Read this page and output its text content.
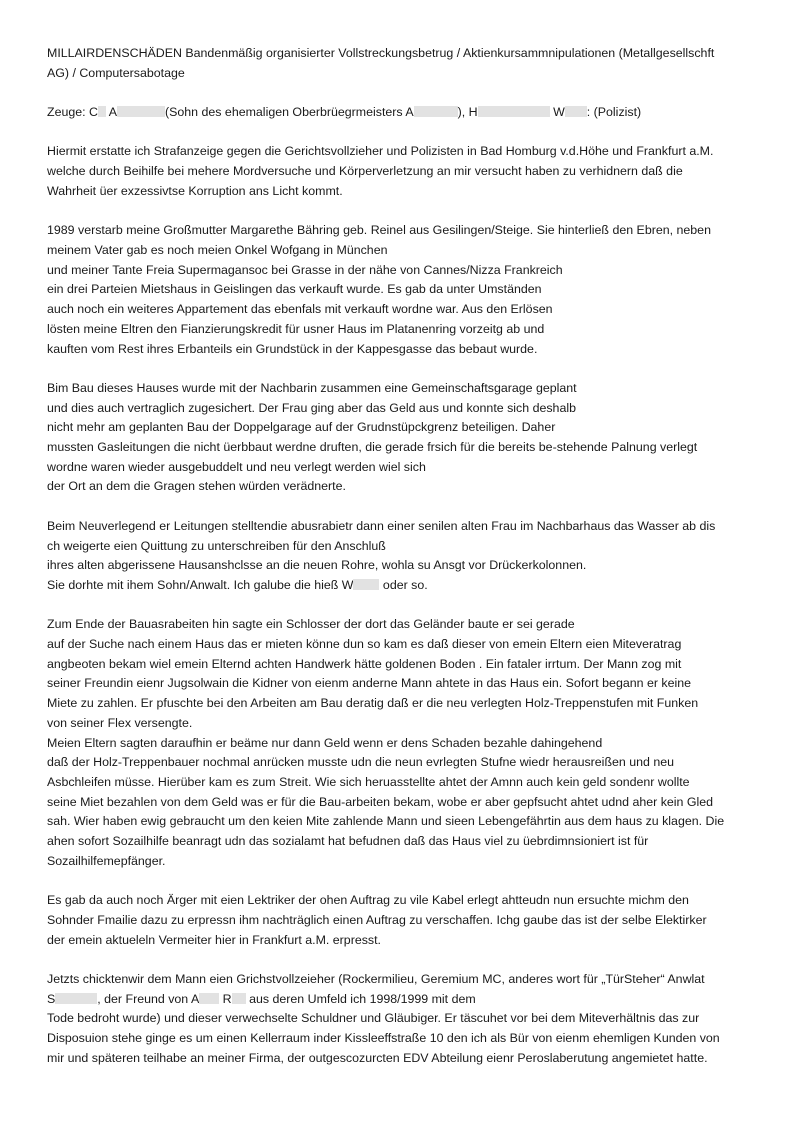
MILLAIRDENSCHÄDEN Bandenmäßig organisierter Vollstreckungsbetrug / Aktienkursammnipulationen (Metallgesellschft
AG) / Computersabotage
Zeuge: C A	(Sohn des ehemaligen Oberbrüegrmeisters A	), H	W : (Polizist)
Hiermit erstatte ich Strafanzeige gegen die Gerichtsvollzieher und Polizisten in Bad Homburg v.d.Höhe und Frankfurt a.M.
welche durch Beihilfe bei mehere Mordversuche und Körperverletzung an mir versucht haben zu verhidnern daß die
Wahrheit üer exzessivtse Korruption ans Licht kommt.
1989 verstarb meine Großmutter Margarethe Bähring geb. Reinel aus Gesilingen/Steige. Sie hinterließ den Ebren, neben
meinem Vater gab es noch meien Onkel Wofgang in München
und meiner Tante Freia Supermagansoc bei Grasse in der nähe von Cannes/Nizza Frankreich
ein drei Parteien Mietshaus in Geislingen das verkauft wurde. Es gab da unter Umständen
auch noch ein weiteres Appartement das ebenfals mit verkauft wordne war. Aus den Erlösen
lösten meine Eltren den Fianzierungskredit für usner Haus im Platanenring vorzeitg ab und
kauften vom Rest ihres Erbanteils ein Grundstück in der Kappesgasse das bebaut wurde.
Bim Bau dieses Hauses wurde mit der Nachbarin zusammen eine Gemeinschaftsgarage geplant
und dies auch vertraglich zugesichert. Der Frau ging aber das Geld aus und konnte sich deshalb
nicht mehr am geplanten Bau der Doppelgarage auf der Grudnstüpckgrenz beteiligen. Daher
mussten Gasleitungen die nicht üerbbaut werdne druften, die gerade frsich für die bereits be-stehende Palnung verlegt
wordne waren wieder ausgebuddelt und neu verlegt werden wiel sich
der Ort an dem die Gragen stehen würden verädnerte.
Beim Neuverlegend er Leitungen stelltendie abusrabietr dann einer senilen alten Frau im Nachbarhaus das Wasser ab dis
ch weigerte eien Quittung zu unterschreiben für den Anschluß
ihres alten abgerissene Hausanshclsse an die neuen Rohre, wohla su Ansgt vor Drückerkolonnen.
Sie dorhte mit ihem Sohn/Anwalt. Ich galube die hieß W oder so.
Zum Ende der Bauasrabeiten hin sagte ein Schlosser der dort das Geländer baute er sei gerade
auf der Suche nach einem Haus das er mieten könne dun so kam es daß dieser von emein Eltern eien Miteveratrag
angbeoten bekam wiel emein Elternd achten Handwerk hätte goldenen Boden . Ein fataler irrtum. Der Mann zog mit
seiner Freundin eienr Jugsolwain die Kidner von eienm anderne Mann ahtete in das Haus ein. Sofort begann er keine
Miete zu zahlen. Er pfuschte bei den Arbeiten am Bau deratig daß er die neu verlegten Holz-Treppenstufen mit Funken
von seiner Flex versengte.
Meien Eltern sagten daraufhin er beäme nur dann Geld wenn er dens Schaden bezahle dahingehend
daß der Holz-Treppenbauer nochmal anrücken musste udn die neun evrlegten Stufne wiedr herausreißen und neu
Asbchleifen müsse. Hierüber kam es zum Streit. Wie sich heruasstellte ahtet der Amnn auch kein geld sondenr wollte
seine Miet bezahlen von dem Geld was er für die Bau-arbeiten bekam, wobe er aber gepfsucht ahtet udnd aher kein Gled
sah. Wier haben ewig gebraucht um den keien Mite zahlende Mann und sieen Lebengefährtin aus dem haus zu klagen. Die
ahen sofort Sozailhilfe beanragt udn das sozialamt hat befudnen daß das Haus viel zu üebrdimnsioniert ist für
Sozailhilfemepfänger.
Es gab da auch noch Ärger mit eien Lektriker der ohen Auftrag zu vile Kabel erlegt ahtteudn nun ersuchte michm den
Sohnder Fmailie dazu zu erpressn ihm nachträglich einen Auftrag zu verschaffen. Ichg gaube das ist der selbe Elektirker
der emein aktueleln Vermeiter hier in Frankfurt a.M. erpresst.
Jetzts chicktenwir dem Mann eien Grichstvollzeieher (Rockermilieu, Geremium MC, anderes wort für „TürSteher“ Anwlat
S	, der Freund von A R aus deren Umfeld ich 1998/1999 mit dem
Tode bedroht wurde) und dieser verwechselte Schuldner und Gläubiger. Er täscuhet vor bei dem Miteverhältnis das zur
Disposuion stehe ginge es um einen Kellerraum inder Kissleeffstraße 10 den ich als Bür von eienm ehemligen Kunden von
mir und späteren teilhabe an meiner Firma, der outgescozurcten EDV Abteilung eienr Peroslaberutung angemietet hatte.
